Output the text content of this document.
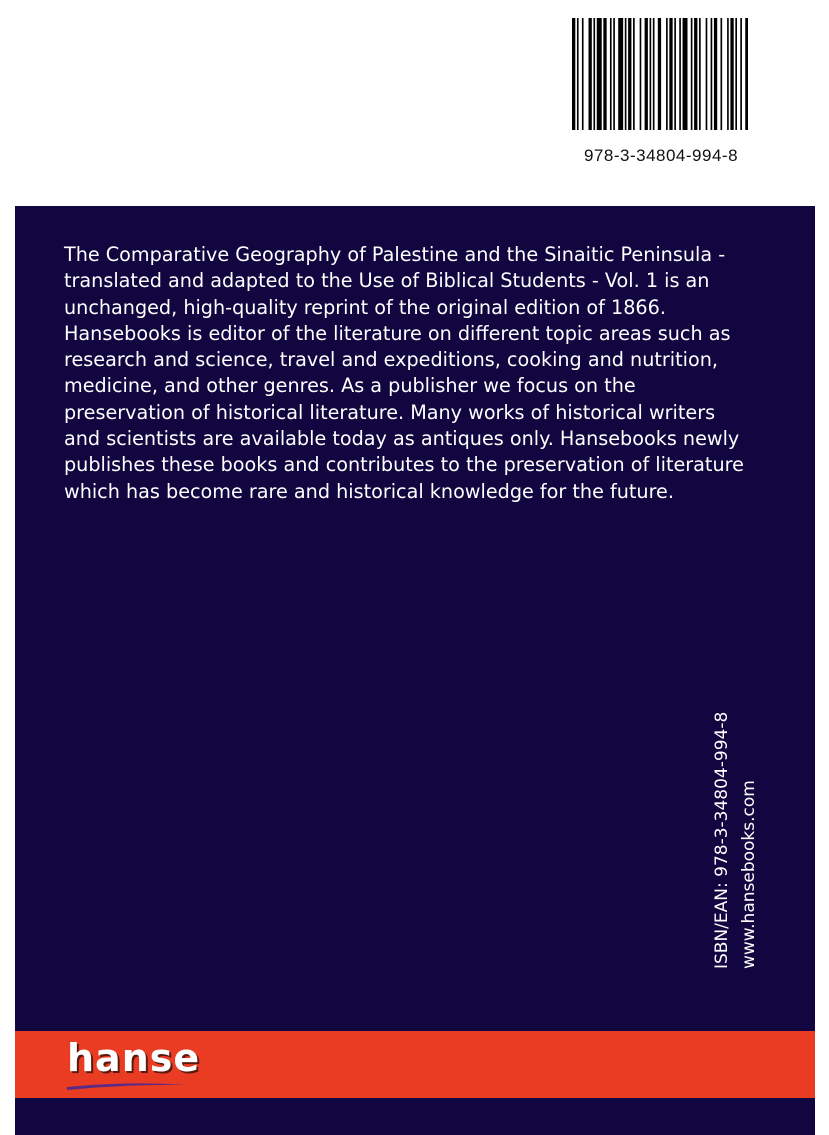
978-3-34804-994-8

The Comparative Geography of Palestine and the Sinaitic Peninsula - translated and adapted to the Use of Biblical Students - Vol. 1 is an unchanged, high-quality reprint of the original edition of 1866. Hansebooks is editor of the literature on different topic areas such as research and science, travel and expeditions, cooking and nutrition, medicine, and other genres. As a publisher we focus on the preservation of historical literature. Many works of historical writers and scientists are available today as antiques only. Hansebooks newly publishes these books and contributes to the preservation of literature which has become rare and historical knowledge for the future.

ISBN/EAN: 978-3-34804-994-8 www.hansebooks.com
hanse
